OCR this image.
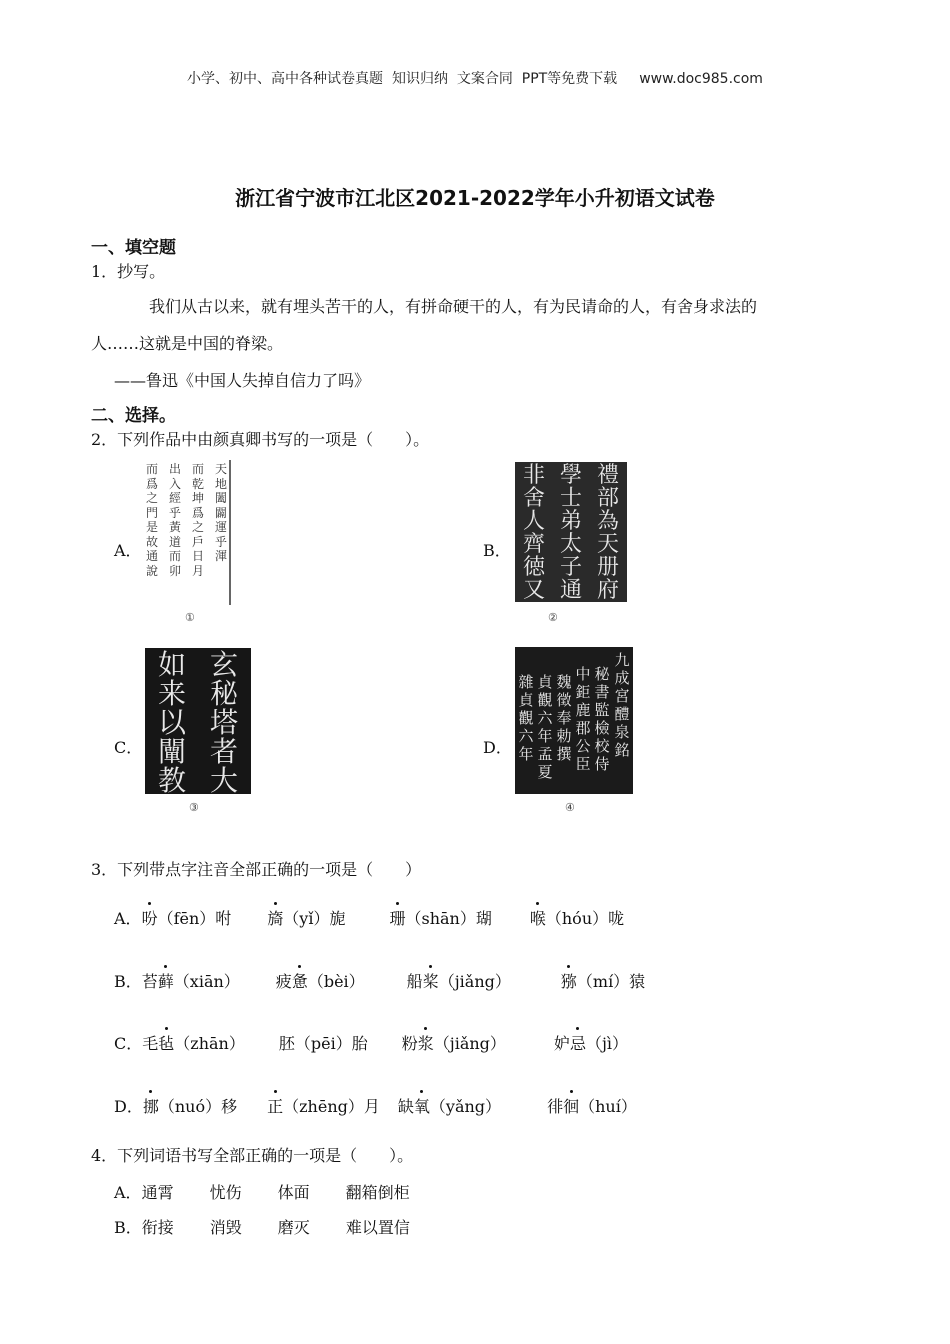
小学、初中、高中各种试卷真题  知识归纳  文案合同  PPT等免费下载 www.doc985.com
浙江省宁波市江北区2021-2022学年小升初语文试卷
一、填空题
1．抄写。
我们从古以来，就有埋头苦干的人，有拼命硬干的人，有为民请命的人，有舍身求法的
人……这就是中国的脊梁。
——鲁迅《中国人失掉自信力了吗》
二、选择。
2．下列作品中由颜真卿书写的一项是（　　）。
A．
而爲之門是故通說
出入經乎黃道而卯
而乾坤爲之戶日月
天地闔闢運乎渾
①
B．
非舍人齊徳又
學士弟太子通
禮部為天册府
②
C．
如来以闡教
玄秘塔者大
③
D．
雜貞觀六年
貞觀六年孟夏
魏徵奉勅撰
中鉅鹿郡公臣
秘書監檢校侍
九成宮醴泉銘
④
3．下列带点字注音全部正确的一项是（　　）
A．吩（fēn）咐 旖（yǐ）旎	珊（shān）瑚 喉（hóu）咙
B．苔藓（xiān） 疲惫（bèi）	船桨（jiǎng）	猕（mí）猿
C．毛毡（zhān） 胚（pēi）胎 粉浆（jiǎng）	妒忌（jì）
D．挪（nuó）移 正（zhēng）月 缺氧（yǎng）	徘徊（huí）
4．下列词语书写全部正确的一项是（　　）。
A．通霄 忧伤 体面 翻箱倒柜
B．衔接 消毁 磨灭 难以置信
